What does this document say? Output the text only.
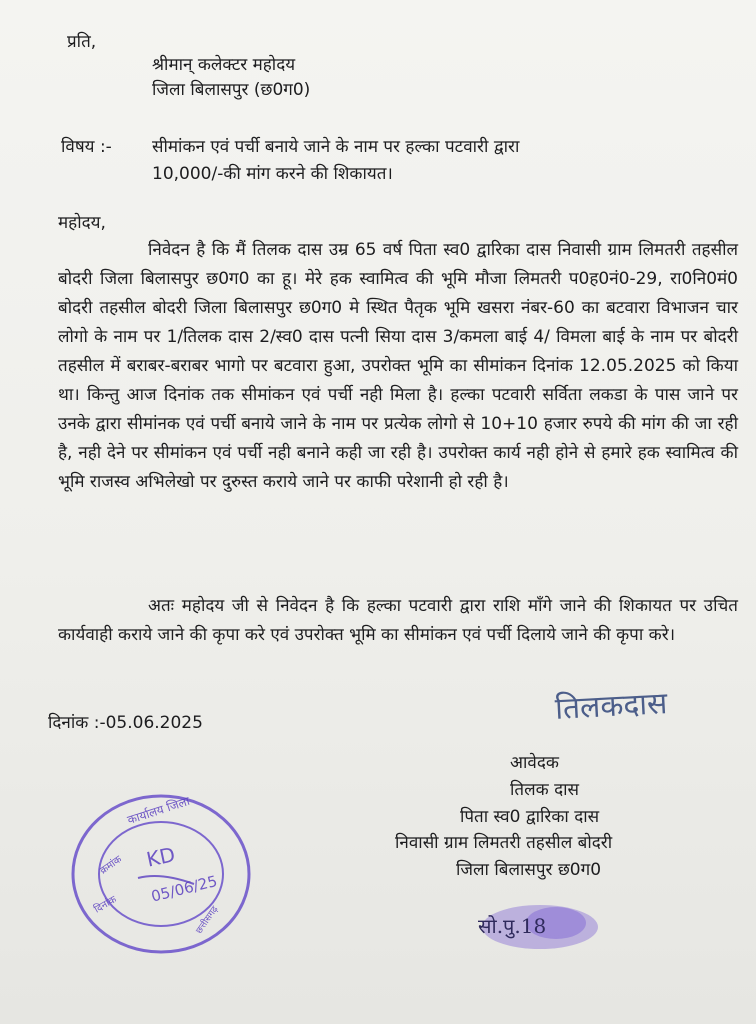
प्रति,
श्रीमान् कलेक्टर महोदय
जिला बिलासपुर (छ0ग0)
विषय :- सीमांकन एवं पर्ची बनाये जाने के नाम पर हल्का पटवारी द्वारा
10,000/-की मांग करने की शिकायत।
महोदय,
निवेदन है कि मैं तिलक दास उम्र 65 वर्ष पिता स्व0 द्वारिका दास निवासी ग्राम लिमतरी तहसील बोदरी जिला बिलासपुर छ0ग0 का हू। मेरे हक स्वामित्व की भूमि मौजा लिमतरी प0ह0नं0-29, रा0नि0मं0 बोदरी तहसील बोदरी जिला बिलासपुर छ0ग0 मे स्थित पैतृक भूमि खसरा नंबर-60 का बटवारा विभाजन चार लोगो के नाम पर 1/तिलक दास 2/स्व0 दास पत्नी सिया दास 3/कमला बाई 4/ विमला बाई के नाम पर बोदरी तहसील में बराबर-बराबर भागो पर बटवारा हुआ, उपरोक्त भूमि का सीमांकन दिनांक 12.05.2025 को किया था। किन्तु आज दिनांक तक सीमांकन एवं पर्ची नही मिला है। हल्का पटवारी सर्विता लकडा के पास जाने पर उनके द्वारा सीमांनक एवं पर्ची बनाये जाने के नाम पर प्रत्येक लोगो से 10+10 हजार रुपये की मांग की जा रही है, नही देने पर सीमांकन एवं पर्ची नही बनाने कही जा रही है। उपरोक्त कार्य नही होने से हमारे हक स्वामित्व की भूमि राजस्व अभिलेखो पर दुरुस्त कराये जाने पर काफी परेशानी हो रही है।
अतः महोदय जी से निवेदन है कि हल्का पटवारी द्वारा राशि माँगे जाने की शिकायत पर उचित कार्यवाही कराये जाने की कृपा करे एवं उपरोक्त भूमि का सीमांकन एवं पर्ची दिलाये जाने की कृपा करे।
तिलकदास
दिनांक :-05.06.2025
आवेदक
तिलक दास
पिता स्व0 द्वारिका दास
निवासी ग्राम लिमतरी तहसील बोदरी
जिला बिलासपुर छ0ग0
कार्यालय जिला
क्रमांक
दिनांक
KD
05/06/25
छत्तीसगढ़	सो.पु.18
